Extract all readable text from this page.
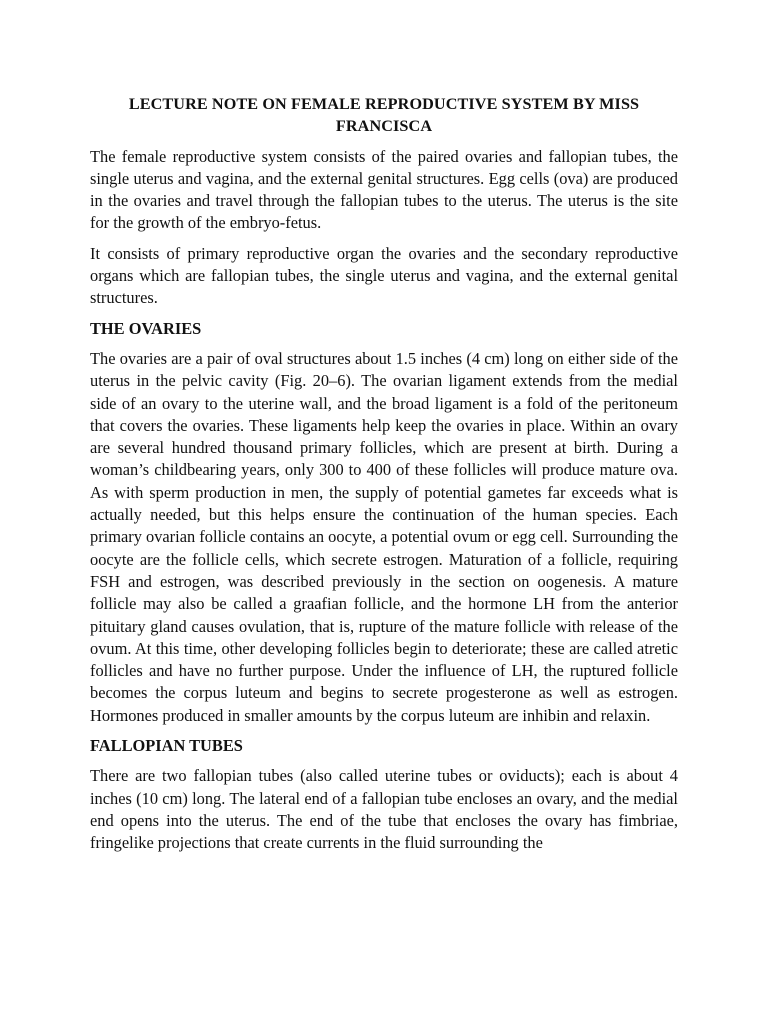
LECTURE NOTE ON FEMALE REPRODUCTIVE SYSTEM BY MISS FRANCISCA
The female reproductive system consists of the paired ovaries and fallopian tubes, the single uterus and vagina, and the external genital structures. Egg cells (ova) are produced in the ovaries and travel through the fallopian tubes to the uterus. The uterus is the site for the growth of the embryo-fetus.
It consists of primary reproductive organ the ovaries and the secondary reproductive organs which are fallopian tubes, the single uterus and vagina, and the external genital structures.
THE OVARIES
The ovaries are a pair of oval structures about 1.5 inches (4 cm) long on either side of the uterus in the pelvic cavity (Fig. 20–6). The ovarian ligament extends from the medial side of an ovary to the uterine wall, and the broad ligament is a fold of the peritoneum that covers the ovaries. These ligaments help keep the ovaries in place. Within an ovary are several hundred thousand primary follicles, which are present at birth. During a woman’s childbearing years, only 300 to 400 of these follicles will produce mature ova. As with sperm production in men, the supply of potential gametes far exceeds what is actually needed, but this helps ensure the continuation of the human species. Each primary ovarian follicle contains an oocyte, a potential ovum or egg cell. Surrounding the oocyte are the follicle cells, which secrete estrogen. Maturation of a follicle, requiring FSH and estrogen, was described previously in the section on oogenesis. A mature follicle may also be called a graafian follicle, and the hormone LH from the anterior pituitary gland causes ovulation, that is, rupture of the mature follicle with release of the ovum. At this time, other developing follicles begin to deteriorate; these are called atretic follicles and have no further purpose. Under the influence of LH, the ruptured follicle becomes the corpus luteum and begins to secrete progesterone as well as estrogen. Hormones produced in smaller amounts by the corpus luteum are inhibin and relaxin.
FALLOPIAN TUBES
There are two fallopian tubes (also called uterine tubes or oviducts); each is about 4 inches (10 cm) long. The lateral end of a fallopian tube encloses an ovary, and the medial end opens into the uterus. The end of the tube that encloses the ovary has fimbriae, fringelike projections that create currents in the fluid surrounding the
